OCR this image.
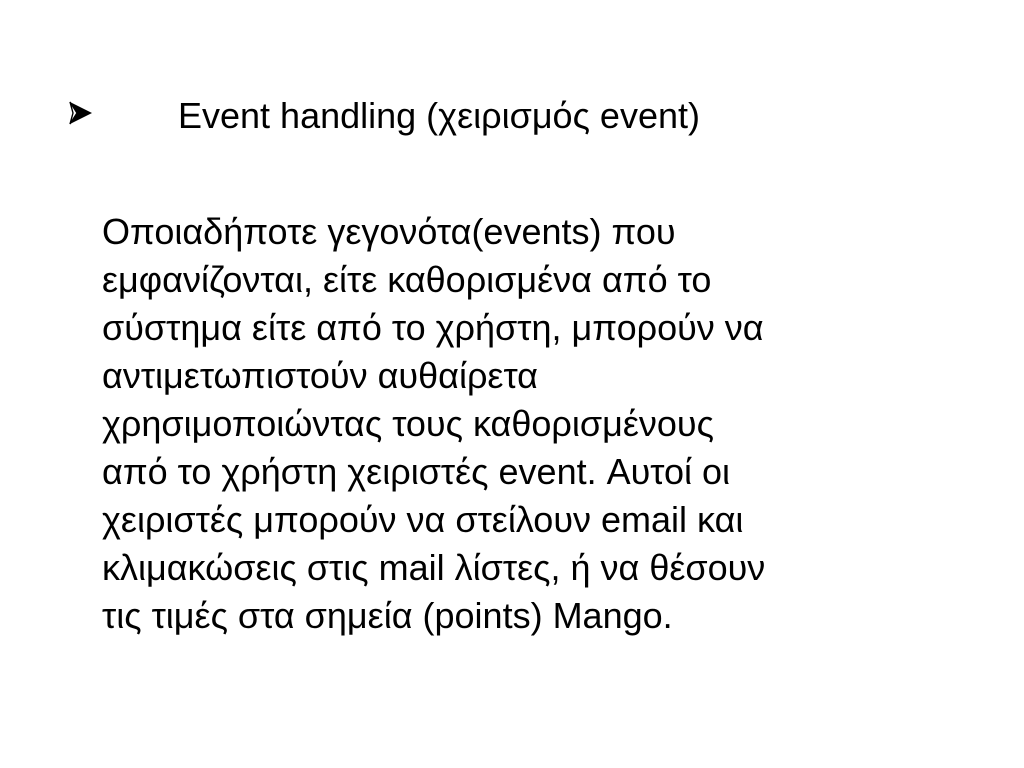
Event handling (χειρισμός event)
Οποιαδήποτε γεγονότα(events) που
εμφανίζονται, είτε καθορισμένα από το
σύστημα είτε από το χρήστη, μπορούν να
αντιμετωπιστούν αυθαίρετα
χρησιμοποιώντας τους καθορισμένους
από το χρήστη χειριστές event. Αυτοί οι
χειριστές μπορούν να στείλουν email και
κλιμακώσεις στις mail λίστες, ή να θέσουν
τις τιμές στα σημεία (points) Mango.
